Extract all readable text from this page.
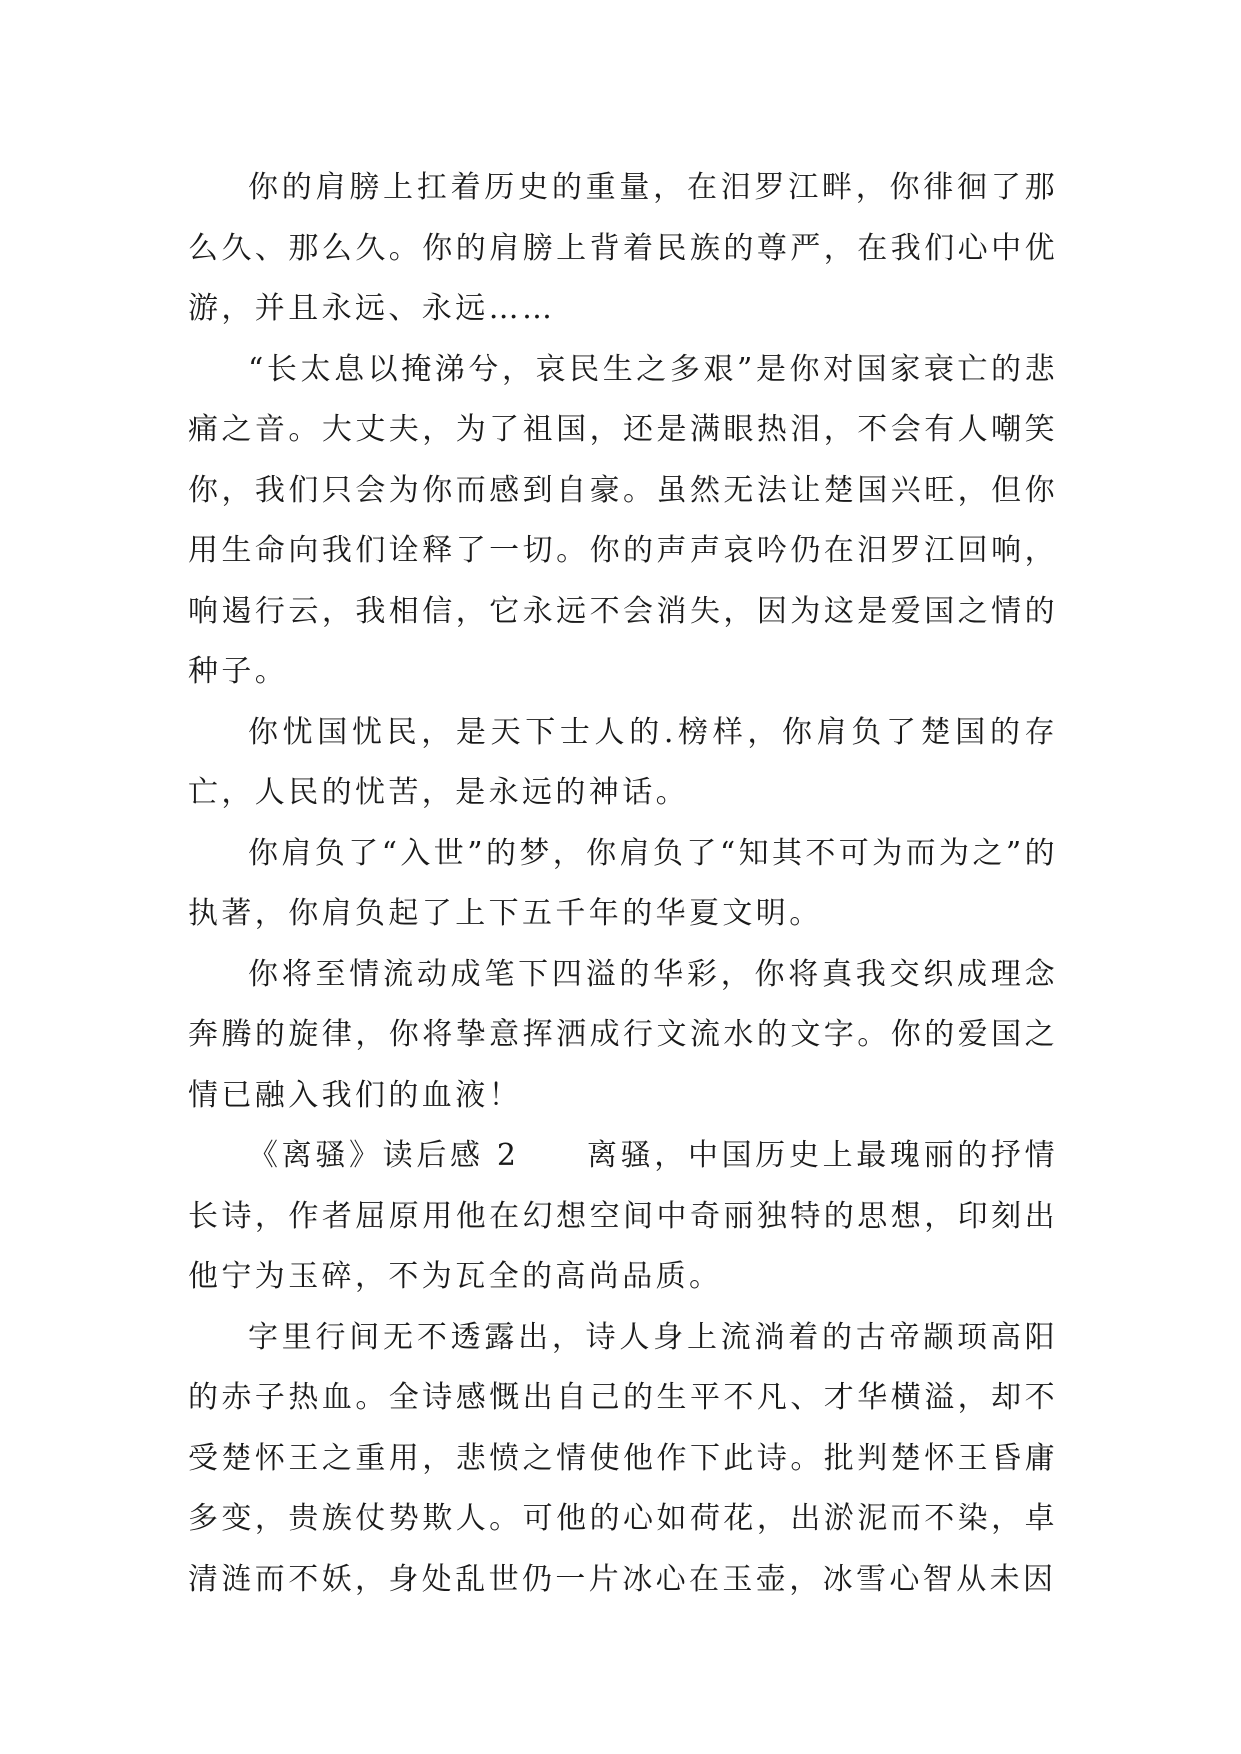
你的肩膀上扛着历史的重量，在汨罗江畔，你徘徊了那么久、那么久。你的肩膀上背着民族的尊严，在我们心中优游，并且永远、永远……

“长太息以掩涕兮，哀民生之多艰”是你对国家衰亡的悲痛之音。大丈夫，为了祖国，还是满眼热泪，不会有人嘲笑你，我们只会为你而感到自豪。虽然无法让楚国兴旺，但你用生命向我们诠释了一切。你的声声哀吟仍在汨罗江回响，响遏行云，我相信，它永远不会消失，因为这是爱国之情的种子。

你忧国忧民，是天下士人的.榜样，你肩负了楚国的存亡，人民的忧苦，是永远的神话。

你肩负了“入世”的梦，你肩负了“知其不可为而为之”的执著，你肩负起了上下五千年的华夏文明。

你将至情流动成笔下四溢的华彩，你将真我交织成理念奔腾的旋律，你将挚意挥洒成行文流水的文字。你的爱国之情已融入我们的血液！

《离骚》读后感 2　　离骚，中国历史上最瑰丽的抒情长诗，作者屈原用他在幻想空间中奇丽独特的思想，印刻出他宁为玉碎，不为瓦全的高尚品质。

字里行间无不透露出，诗人身上流淌着的古帝颛顼高阳的赤子热血。全诗感慨出自己的生平不凡、才华横溢，却不受楚怀王之重用，悲愤之情使他作下此诗。批判楚怀王昏庸多变，贵族仗势欺人。可他的心如荷花，出淤泥而不染，卓清涟而不妖，身处乱世仍一片冰心在玉壶，冰雪心智从未因
